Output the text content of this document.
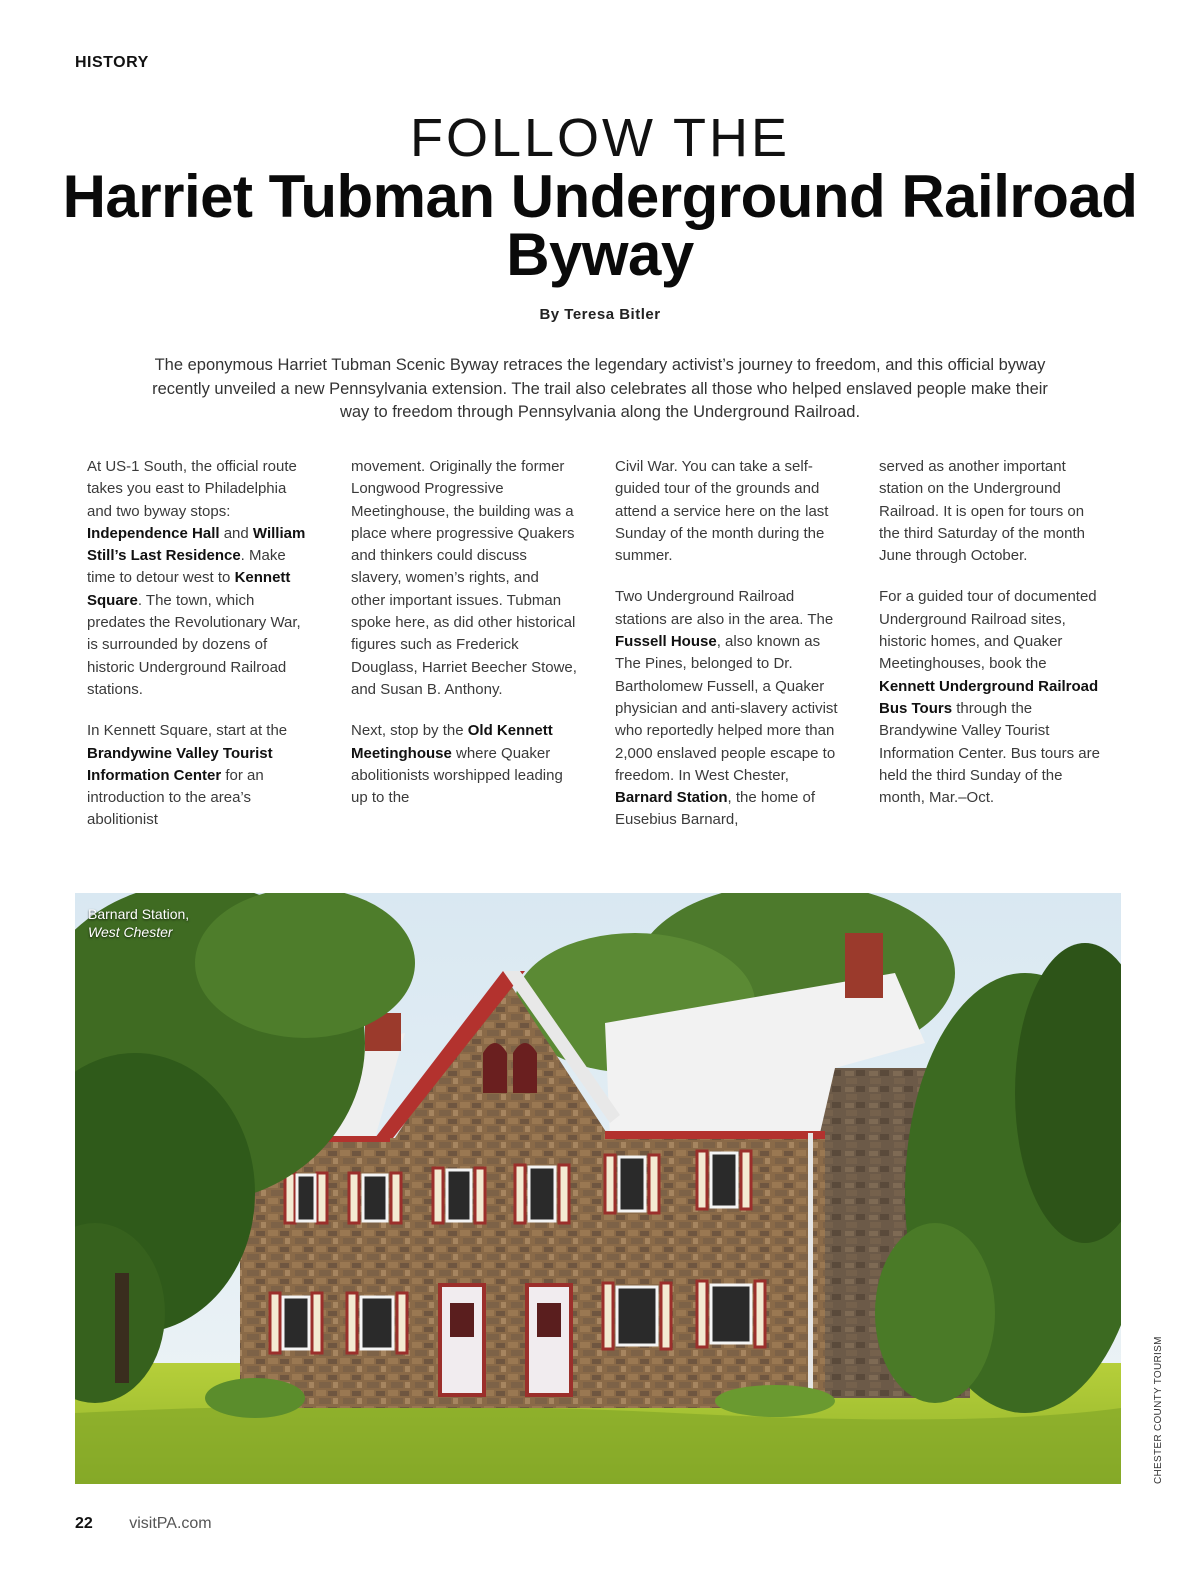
HISTORY
FOLLOW THE
Harriet Tubman Underground Railroad Byway
By Teresa Bitler

The eponymous Harriet Tubman Scenic Byway retraces the legendary activist’s journey to freedom, and this official byway recently unveiled a new Pennsylvania extension. The trail also celebrates all those who helped enslaved people make their way to freedom through Pennsylvania along the Underground Railroad.

At US-1 South, the official route takes you east to Philadelphia and two byway stops: Independence Hall and William Still’s Last Residence. Make time to detour west to Kennett Square. The town, which predates the Revolutionary War, is surrounded by dozens of historic Underground Railroad stations.

In Kennett Square, start at the Brandywine Valley Tourist Information Center for an introduction to the area’s abolitionist

movement. Originally the former Longwood Progressive Meetinghouse, the building was a place where progressive Quakers and thinkers could discuss slavery, women’s rights, and other important issues. Tubman spoke here, as did other historical figures such as Frederick Douglass, Harriet Beecher Stowe, and Susan B. Anthony.

Next, stop by the Old Kennett Meetinghouse where Quaker abolitionists worshipped leading up to the

Civil War. You can take a self-guided tour of the grounds and attend a service here on the last Sunday of the month during the summer.

Two Underground Railroad stations are also in the area. The Fussell House, also known as The Pines, belonged to Dr. Bartholomew Fussell, a Quaker physician and anti-slavery activist who reportedly helped more than 2,000 enslaved people escape to freedom. In West Chester, Barnard Station, the home of Eusebius Barnard,

served as another important station on the Underground Railroad. It is open for tours on the third Saturday of the month June through October.

For a guided tour of documented Underground Railroad sites, historic homes, and Quaker Meetinghouses, book the Kennett Underground Railroad Bus Tours through the Brandywine Valley Tourist Information Center. Bus tours are held the third Sunday of the month, Mar.–Oct.

Barnard Station,
West Chester
CHESTER COUNTY TOURISM
22 visitPA.com
